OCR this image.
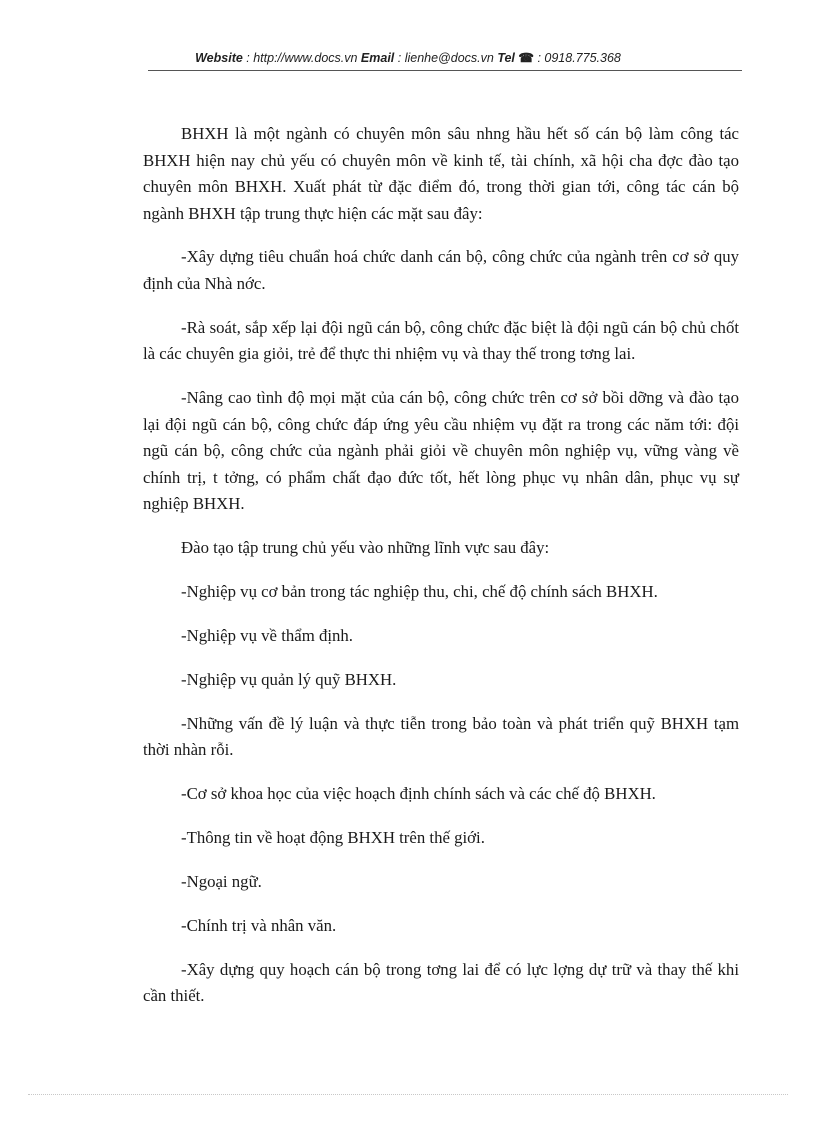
Website : http://www.docs.vn Email : lienhe@docs.vn Tel ☎ : 0918.775.368

BHXH là một ngành có chuyên môn sâu nhng hầu hết số cán bộ làm công tác BHXH hiện nay chủ yếu có chuyên môn về kinh tế, tài chính, xã hội cha đợc đào tạo chuyên môn BHXH. Xuất phát từ đặc điểm đó, trong thời gian tới, công tác cán bộ ngành BHXH tập trung thực hiện các mặt sau đây:

-Xây dựng tiêu chuẩn hoá chức danh cán bộ, công chức của ngành trên cơ sở quy định của Nhà nớc.

-Rà soát, sắp xếp lại đội ngũ cán bộ, công chức đặc biệt là đội ngũ cán bộ chủ chốt là các chuyên gia giỏi, trẻ để thực thi nhiệm vụ và thay thế trong tơng lai.

-Nâng cao tình độ mọi mặt của cán bộ, công chức trên cơ sở bồi dỡng và đào tạo lại đội ngũ cán bộ, công chức đáp ứng yêu cầu nhiệm vụ đặt ra trong các năm tới: đội ngũ cán bộ, công chức của ngành phải giỏi về chuyên môn nghiệp vụ, vững vàng về chính trị, t tởng, có phẩm chất đạo đức tốt, hết lòng phục vụ nhân dân, phục vụ sự nghiệp BHXH.

Đào tạo tập trung chủ yếu vào những lĩnh vực sau đây:

-Nghiệp vụ cơ bản trong tác nghiệp thu, chi, chế độ chính sách BHXH.

-Nghiệp vụ về thẩm định.

-Nghiệp vụ quản lý quỹ BHXH.

-Những vấn đề lý luận và thực tiễn trong bảo toàn và phát triển quỹ BHXH tạm thời nhàn rỗi.

-Cơ sở khoa học của việc hoạch định chính sách và các chế độ BHXH.

-Thông tin về hoạt động BHXH trên thế giới.

-Ngoại ngữ.

-Chính trị và nhân văn.

-Xây dựng quy hoạch cán bộ trong tơng lai để có lực lợng dự trữ và thay thế khi cần thiết.
